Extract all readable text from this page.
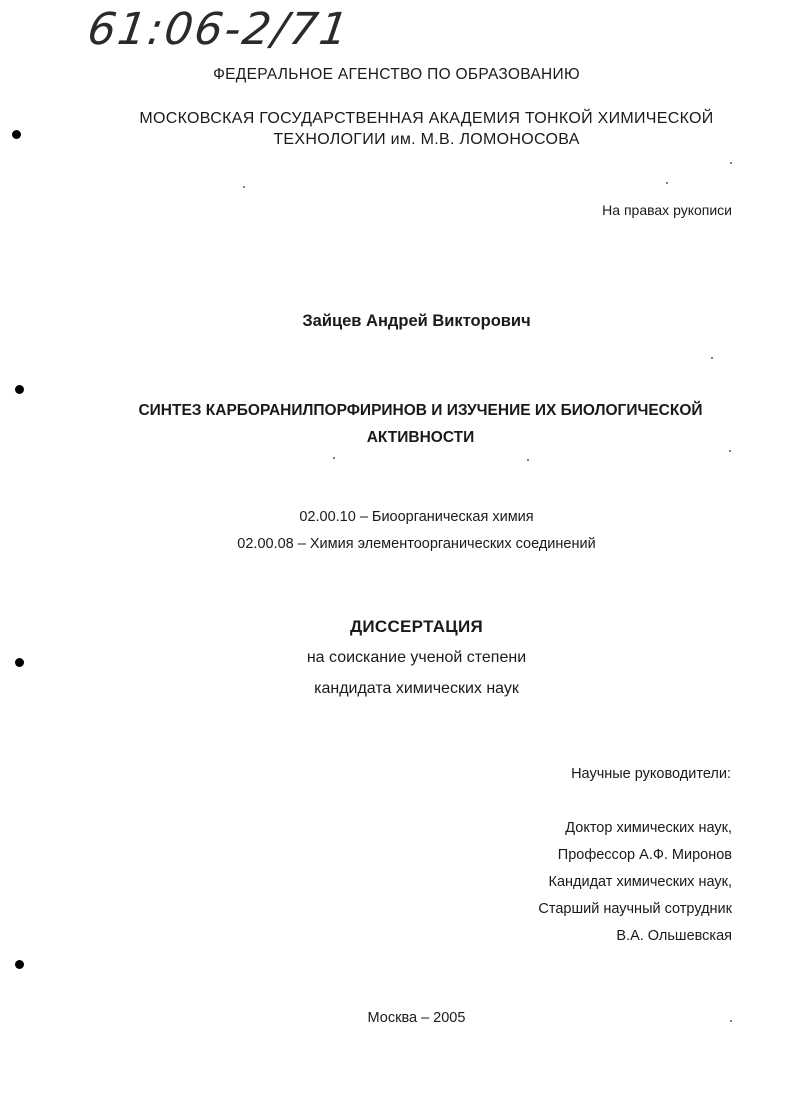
61:06-2/71
ФЕДЕРАЛЬНОЕ АГЕНСТВО ПО ОБРАЗОВАНИЮ
МОСКОВСКАЯ ГОСУДАРСТВЕННАЯ АКАДЕМИЯ ТОНКОЙ ХИМИЧЕСКОЙ
ТЕХНОЛОГИИ им. М.В. ЛОМОНОСОВА
На правах рукописи
Зайцев Андрей Викторович
СИНТЕЗ КАРБОРАНИЛПОРФИРИНОВ И ИЗУЧЕНИЕ ИХ БИОЛОГИЧЕСКОЙ
АКТИВНОСТИ
02.00.10 – Биоорганическая химия
02.00.08 – Химия элементоорганических соединений
ДИССЕРТАЦИЯ
на соискание ученой степени
кандидата химических наук
Научные руководители:
Доктор химических наук,
Профессор А.Ф. Миронов
Кандидат химических наук,
Старший научный сотрудник
В.А. Ольшевская
Москва – 2005
